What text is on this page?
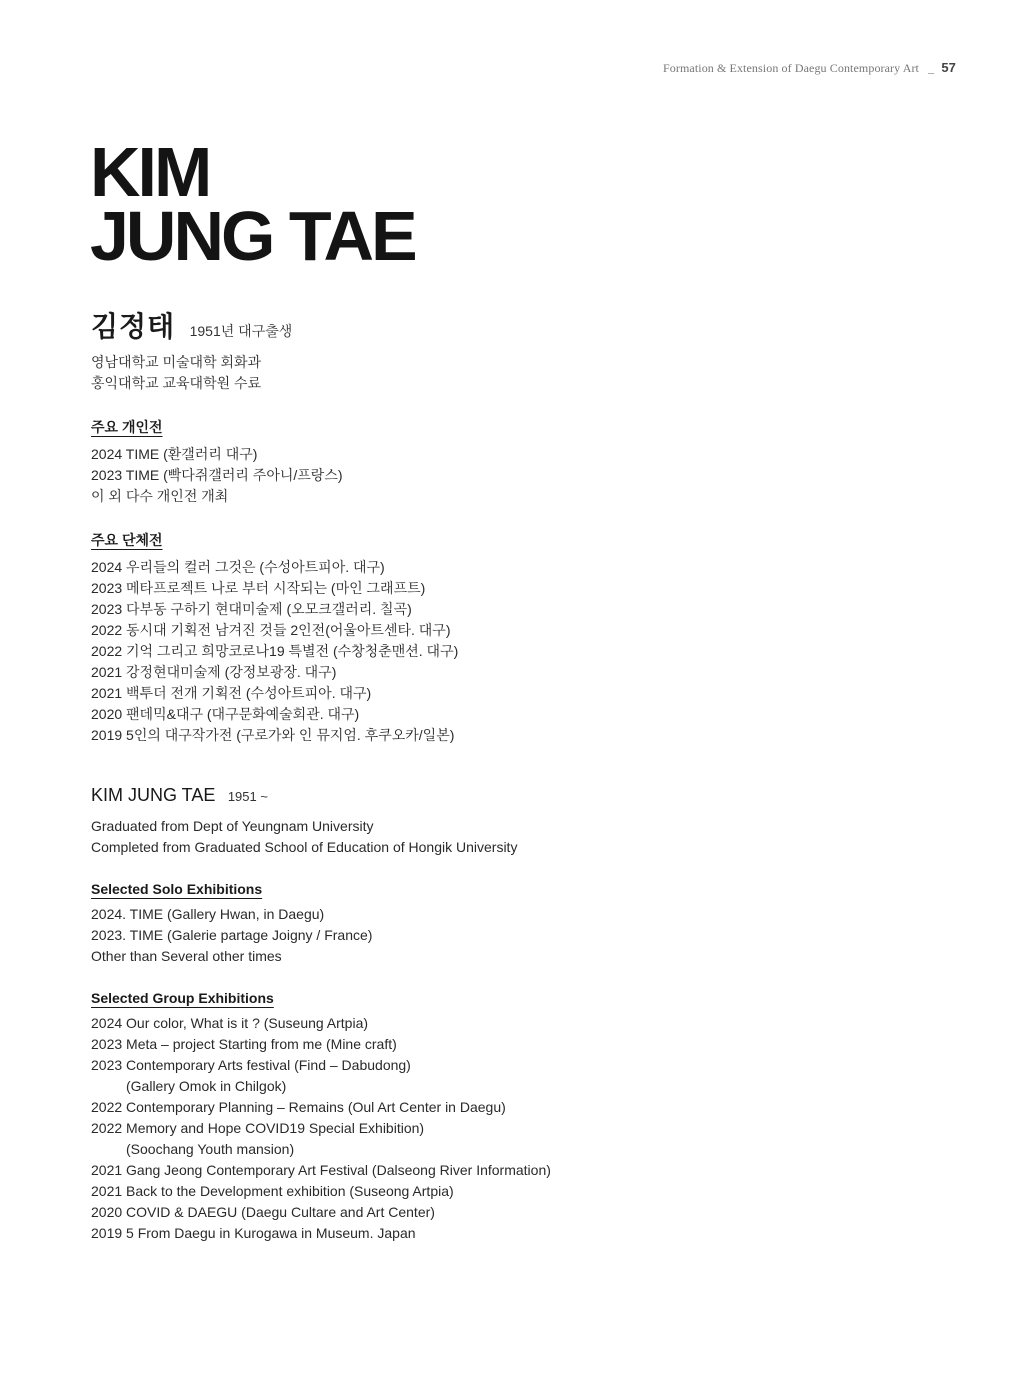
Formation & Extension of Daegu Contemporary Art _ 57
KIM
JUNG TAE
김정태 1951년 대구출생
영남대학교 미술대학 회화과
홍익대학교 교육대학원 수료
주요 개인전
2024 TIME (환갤러리 대구)
2023 TIME (빡다쥐갤러리 주아니/프랑스)
이 외 다수 개인전 개최
주요 단체전
2024 우리들의 컬러 그것은 (수성아트피아. 대구)
2023 메타프로젝트 나로 부터 시작되는 (마인 그래프트)
2023 다부동 구하기 현대미술제 (오모크갤러리. 칠곡)
2022 동시대 기획전 남겨진 것들 2인전(어울아트센타. 대구)
2022 기억 그리고 희망코로나19 특별전 (수창청춘맨션. 대구)
2021 강정현대미술제 (강정보광장. 대구)
2021 백투더 전개 기획전 (수성아트피아. 대구)
2020 팬데믹&대구 (대구문화예술회관. 대구)
2019 5인의 대구작가전 (구로가와 인 뮤지엄. 후쿠오카/일본)
KIM JUNG TAE 1951 ~
Graduated from Dept of Yeungnam University
Completed from Graduated School of Education of Hongik University
Selected Solo Exhibitions
2024. TIME (Gallery Hwan, in Daegu)
2023. TIME (Galerie partage Joigny / France)
Other than Several other times
Selected Group Exhibitions
2024 Our color, What is it ? (Suseung Artpia)
2023 Meta – project Starting from me (Mine craft)
2023 Contemporary Arts festival (Find – Dabudong)
(Gallery Omok in Chilgok)
2022 Contemporary Planning – Remains (Oul Art Center in Daegu)
2022 Memory and Hope COVID19 Special Exhibition)
(Soochang Youth mansion)
2021 Gang Jeong Contemporary Art Festival (Dalseong River Information)
2021 Back to the Development exhibition (Suseong Artpia)
2020 COVID & DAEGU (Daegu Cultare and Art Center)
2019 5 From Daegu in Kurogawa in Museum. Japan
